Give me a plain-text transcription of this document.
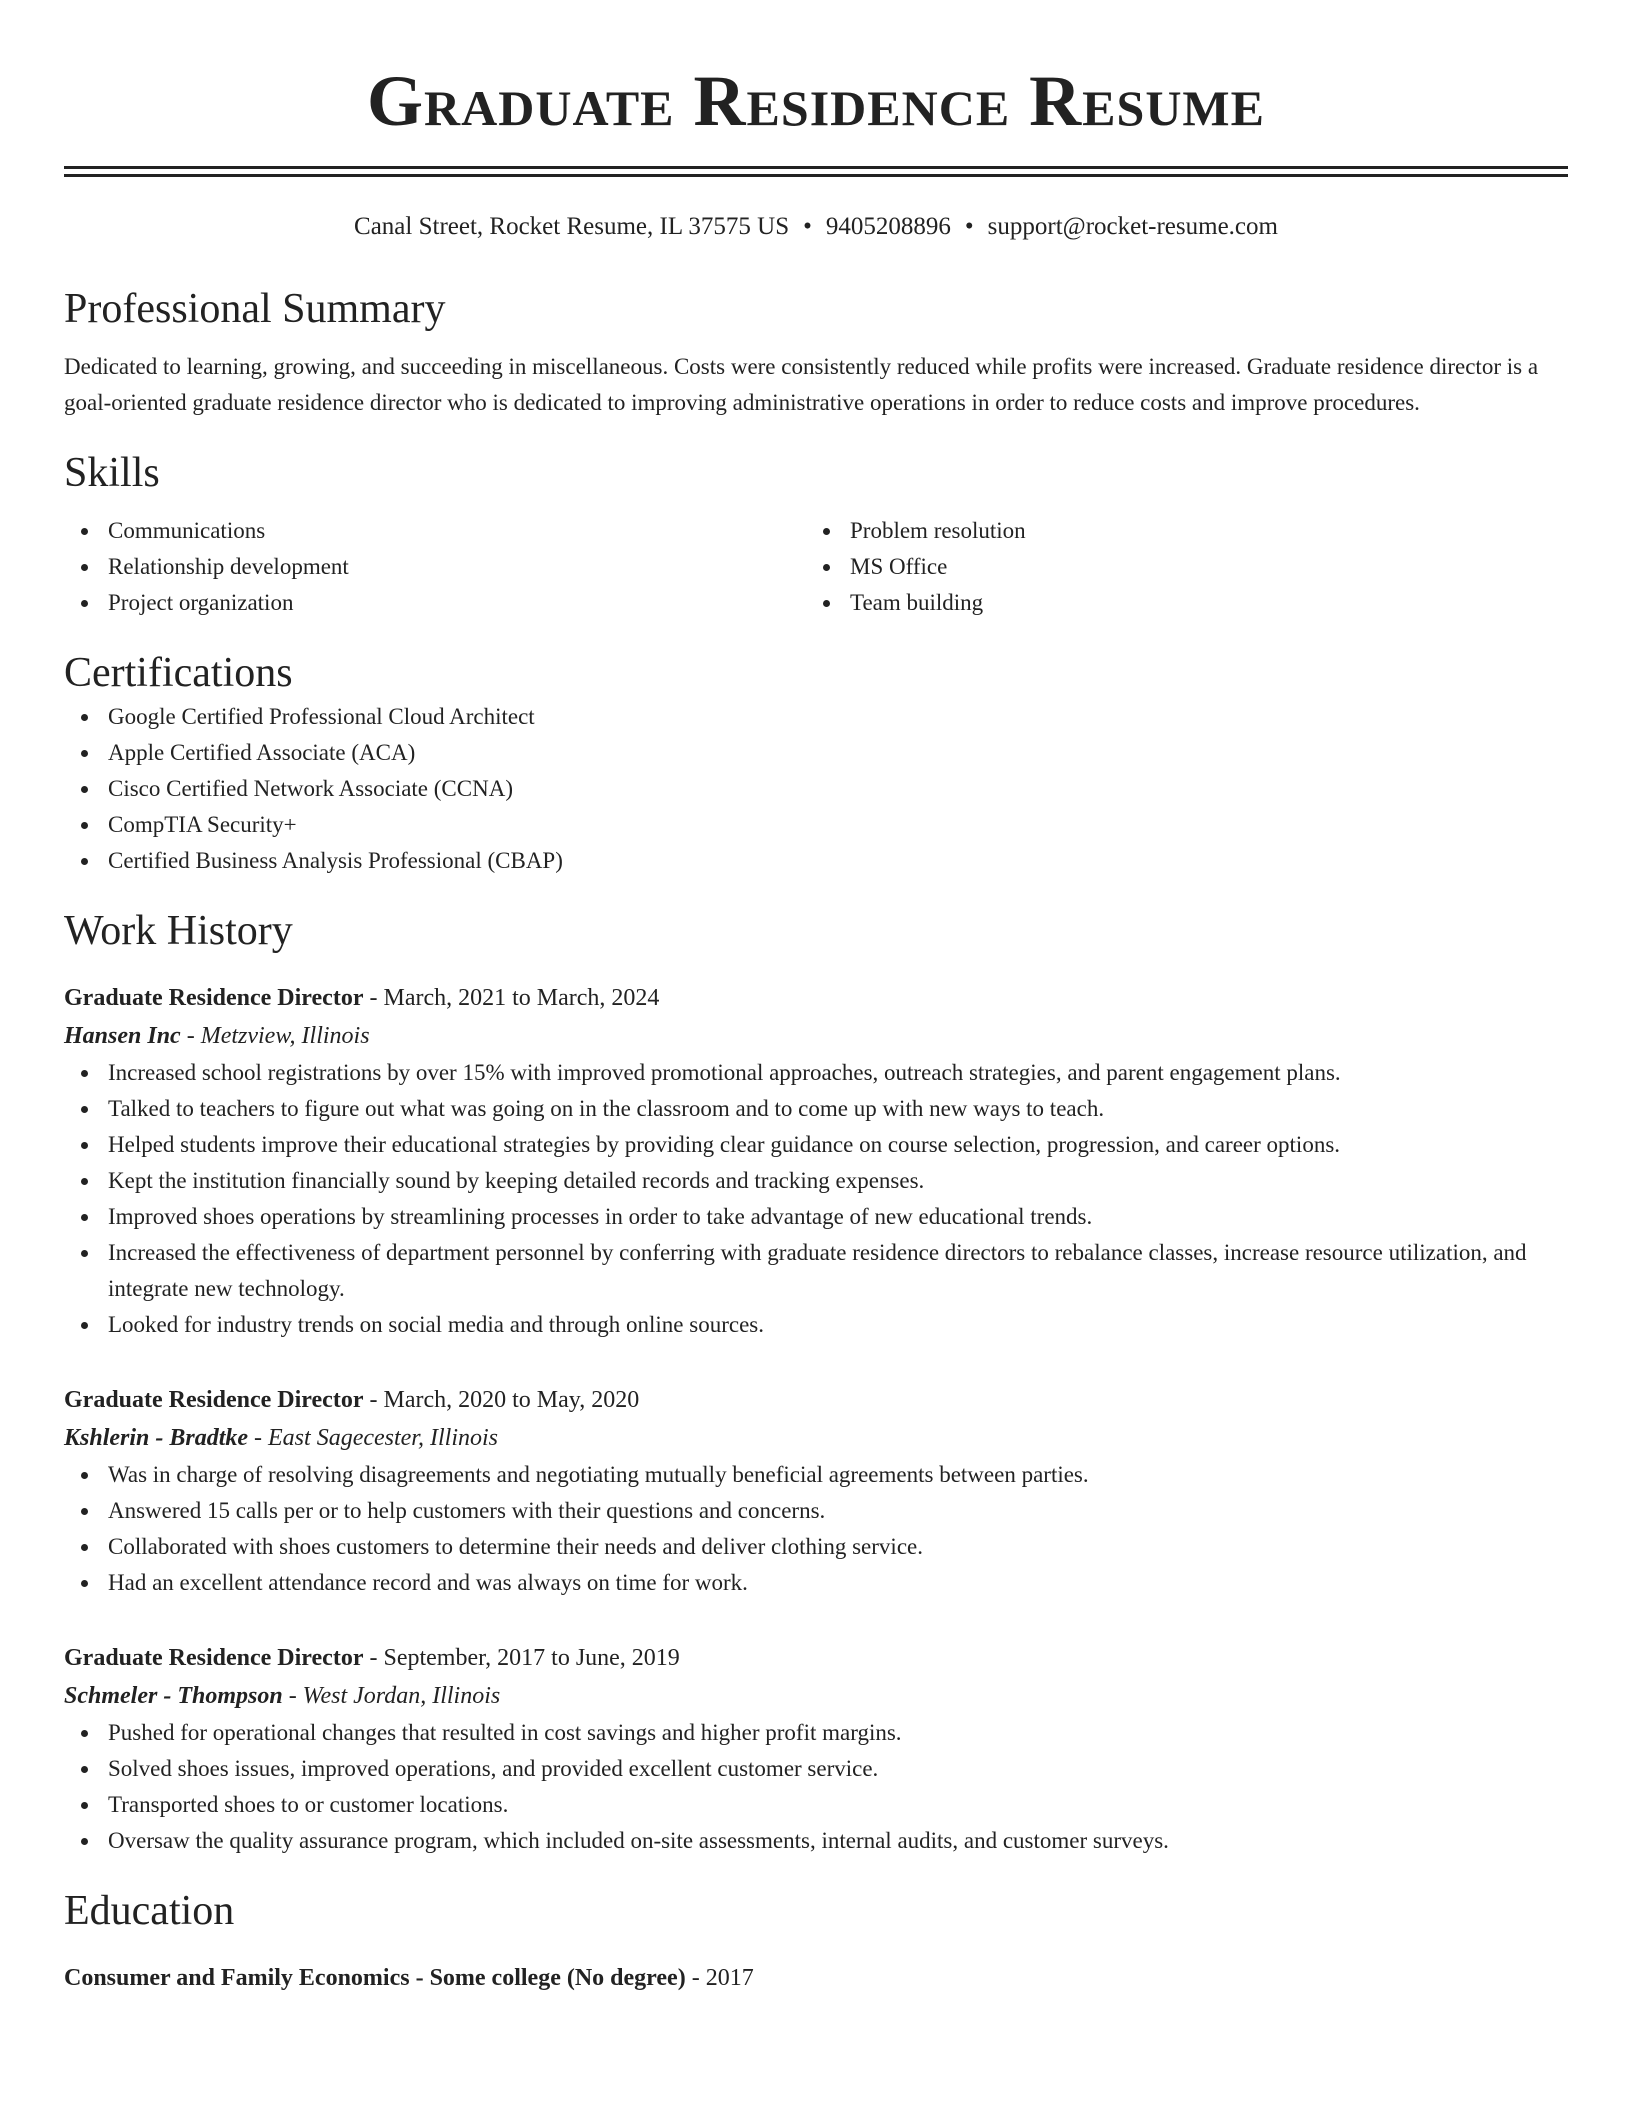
Graduate Residence Resume
Canal Street, Rocket Resume, IL 37575 US • 9405208896 • support@rocket-resume.com
Professional Summary
Dedicated to learning, growing, and succeeding in miscellaneous. Costs were consistently reduced while profits were increased. Graduate residence director is a goal-oriented graduate residence director who is dedicated to improving administrative operations in order to reduce costs and improve procedures.
Skills
Communications
Relationship development
Project organization
Problem resolution
MS Office
Team building
Certifications
Google Certified Professional Cloud Architect
Apple Certified Associate (ACA)
Cisco Certified Network Associate (CCNA)
CompTIA Security+
Certified Business Analysis Professional (CBAP)
Work History
Graduate Residence Director - March, 2021 to March, 2024
Hansen Inc - Metzview, Illinois
Increased school registrations by over 15% with improved promotional approaches, outreach strategies, and parent engagement plans.
Talked to teachers to figure out what was going on in the classroom and to come up with new ways to teach.
Helped students improve their educational strategies by providing clear guidance on course selection, progression, and career options.
Kept the institution financially sound by keeping detailed records and tracking expenses.
Improved shoes operations by streamlining processes in order to take advantage of new educational trends.
Increased the effectiveness of department personnel by conferring with graduate residence directors to rebalance classes, increase resource utilization, and integrate new technology.
Looked for industry trends on social media and through online sources.
Graduate Residence Director - March, 2020 to May, 2020
Kshlerin - Bradtke - East Sagecester, Illinois
Was in charge of resolving disagreements and negotiating mutually beneficial agreements between parties.
Answered 15 calls per or to help customers with their questions and concerns.
Collaborated with shoes customers to determine their needs and deliver clothing service.
Had an excellent attendance record and was always on time for work.
Graduate Residence Director - September, 2017 to June, 2019
Schmeler - Thompson - West Jordan, Illinois
Pushed for operational changes that resulted in cost savings and higher profit margins.
Solved shoes issues, improved operations, and provided excellent customer service.
Transported shoes to or customer locations.
Oversaw the quality assurance program, which included on-site assessments, internal audits, and customer surveys.
Education
Consumer and Family Economics - Some college (No degree) - 2017
